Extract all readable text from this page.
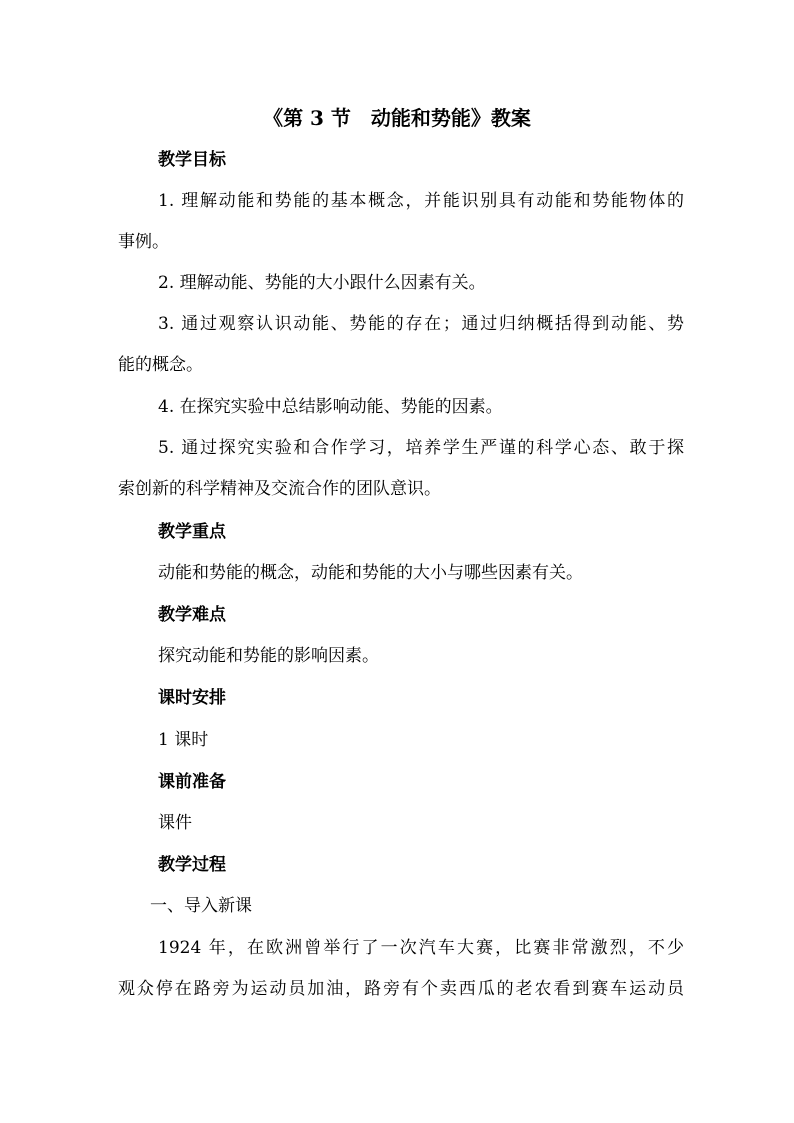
《第 3 节　动能和势能》教案
教学目标
1. 理解动能和势能的基本概念，并能识别具有动能和势能物体的
事例。
2. 理解动能、势能的大小跟什么因素有关。
3. 通过观察认识动能、势能的存在；通过归纳概括得到动能、势
能的概念。
4. 在探究实验中总结影响动能、势能的因素。
5. 通过探究实验和合作学习，培养学生严谨的科学心态、敢于探
索创新的科学精神及交流合作的团队意识。
教学重点
动能和势能的概念，动能和势能的大小与哪些因素有关。
教学难点
探究动能和势能的影响因素。
课时安排
1 课时
课前准备
课件
教学过程
一、导入新课
1924 年，在欧洲曾举行了一次汽车大赛，比赛非常激烈，不少
观众停在路旁为运动员加油，路旁有个卖西瓜的老农看到赛车运动员
